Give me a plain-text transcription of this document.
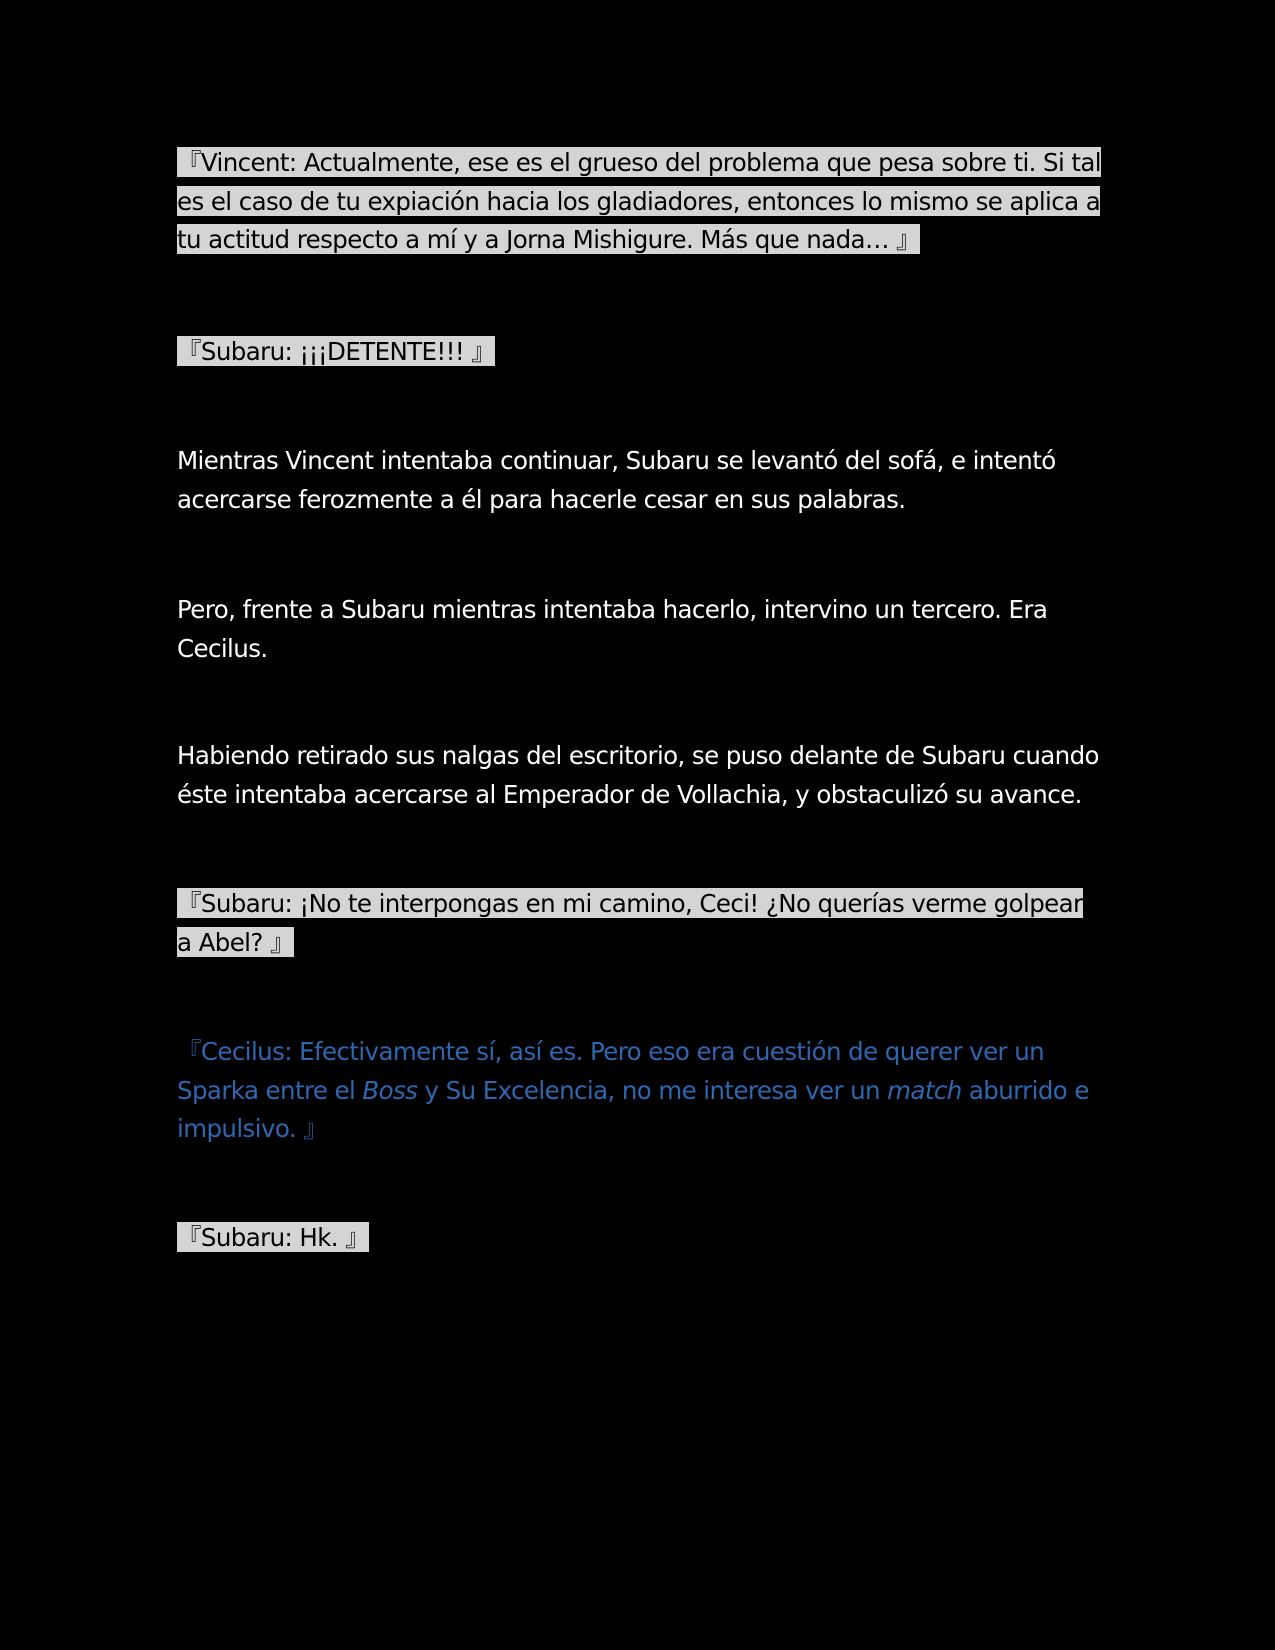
『Vincent: Actualmente, ese es el grueso del problema que pesa sobre ti. Si tal es el caso de tu expiación hacia los gladiadores, entonces lo mismo se aplica a tu actitud respecto a mí y a Jorna Mishigure. Más que nada… 』

『Subaru: ¡¡¡DETENTE!!! 』

Mientras Vincent intentaba continuar, Subaru se levantó del sofá, e intentó acercarse ferozmente a él para hacerle cesar en sus palabras.

Pero, frente a Subaru mientras intentaba hacerlo, intervino un tercero. Era Cecilus.

Habiendo retirado sus nalgas del escritorio, se puso delante de Subaru cuando éste intentaba acercarse al Emperador de Vollachia, y obstaculizó su avance.

『Subaru: ¡No te interpongas en mi camino, Ceci! ¿No querías verme golpear a Abel? 』

『Cecilus: Efectivamente sí, así es. Pero eso era cuestión de querer ver un Sparka entre el Boss y Su Excelencia, no me interesa ver un match aburrido e impulsivo. 』

『Subaru: Hk. 』
